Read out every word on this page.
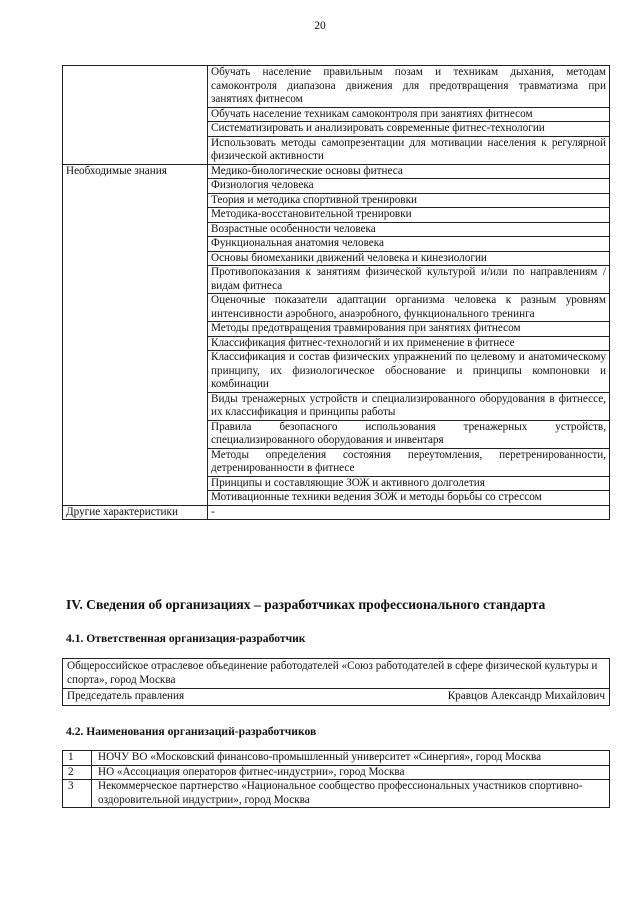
20
	Обучать население правильным позам и техникам дыхания, методам самоконтроля диапазона движения для предотвращения травматизма при занятиях фитнесом
	Обучать население техникам самоконтроля при занятиях фитнесом
	Систематизировать и анализировать современные фитнес-технологии
	Использовать методы самопрезентации для мотивации населения к регулярной физической активности
Необходимые знания	Медико-биологические основы фитнеса
	Физиология человека
	Теория и методика спортивной тренировки
	Методика-восстановительной тренировки
	Возрастные особенности человека
	Функциональная анатомия человека
	Основы биомеханики движений человека и кинезиологии
	Противопоказания к занятиям физической культурой и/или по направлениям / видам фитнеса
	Оценочные показатели адаптации организма человека к разным уровням интенсивности аэробного, анаэробного, функционального тренинга
	Методы предотвращения травмирования при занятиях фитнесом
	Классификация фитнес-технологий и их применение в фитнесе
	Классификация и состав физических упражнений по целевому и анатомическому принципу, их физиологическое обоснование и принципы компоновки и комбинации
	Виды тренажерных устройств и специализированного оборудования в фитнессе, их классификация и принципы работы
	Правила безопасного использования тренажерных устройств, специализированного оборудования и инвентаря
	Методы определения состояния переутомления, перетренированности, детренированности в фитнесе
	Принципы и составляющие ЗОЖ и активного долголетия
	Мотивационные техники ведения ЗОЖ и методы борьбы со стрессом
Другие характеристики	-
IV. Сведения об организациях – разработчиках профессионального стандарта
4.1. Ответственная организация-разработчик
Общероссийское отраслевое объединение работодателей «Союз работодателей в сфере физической культуры и спорта», город Москва

Председатель правления	Кравцов Александр Михайлович
4.2. Наименования организаций-разработчиков
1	НОЧУ ВО «Московский финансово-промышленный университет «Синергия», город Москва
2	НО «Ассоциация операторов фитнес-индустрии», город Москва
3	Некоммерческое партнерство «Национальное сообщество профессиональных участников спортивно-оздоровительной индустрии», город Москва
